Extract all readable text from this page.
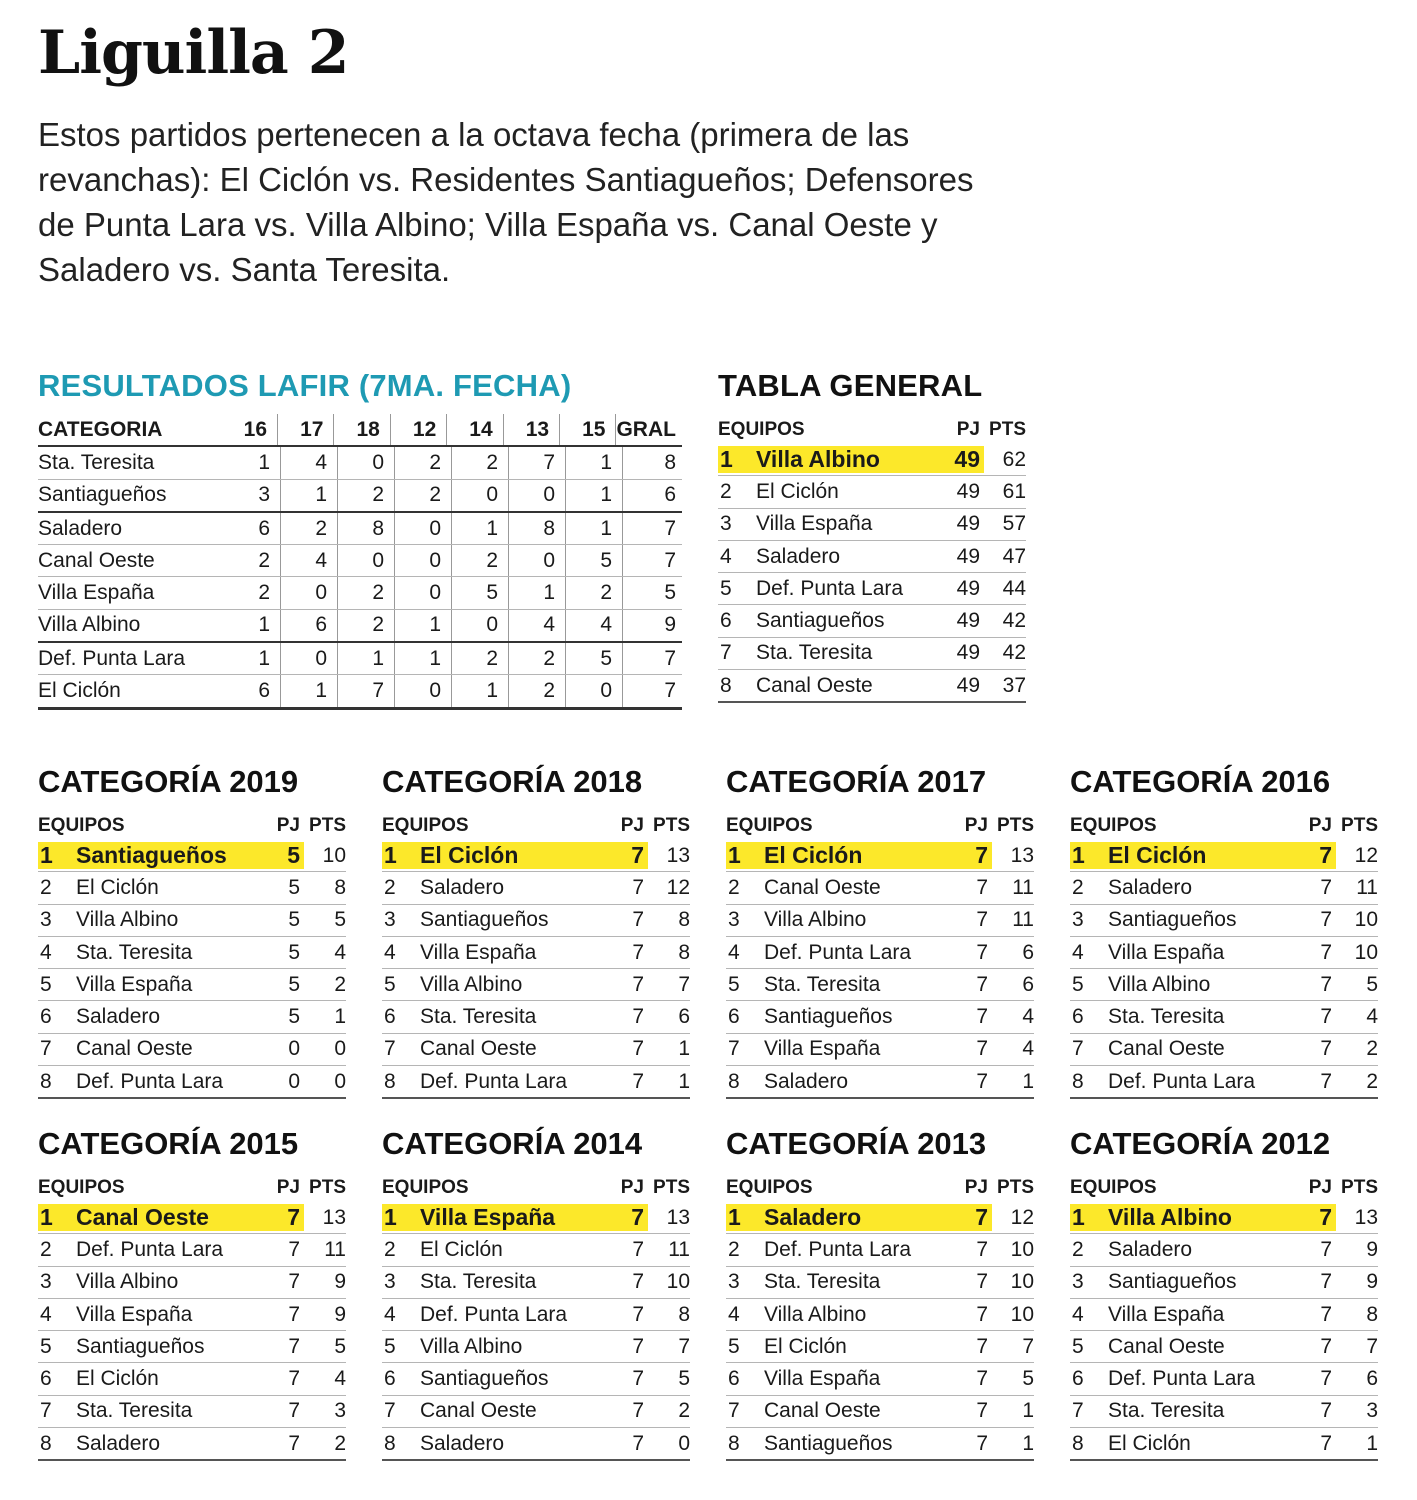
Liguilla 2

Estos partidos pertenecen a la octava fecha (primera de las revanchas): El Ciclón vs. Residentes Santiagueños; Defensores de Punta Lara vs. Villa Albino; Villa España vs. Canal Oeste y Saladero vs. Santa Teresita.

RESULTADOS LAFIR (7MA. FECHA)
CATEGORIA	16	17	18	12	14	13	15 GRAL
Sta. Teresita	1	4	0	2	2	7	1	8
Santiagueños	3	1	2	2	0	0	1	6
Saladero	6	2	8	0	1	8	1	7
Canal Oeste	2	4	0	0	2	0	5	7
Villa España	2	0	2	0	5	1	2	5
Villa Albino	1	6	2	1	0	4	4	9
Def. Punta Lara	1	0	1	1	2	2	5	7
El Ciclón	6	1	7	0	1	2	0	7
TABLA GENERAL
EQUIPOS	PJ PTS
1	Villa Albino	49	62
2	El Ciclón	49	61
3	Villa España	49	57
4	Saladero	49	47
5	Def. Punta Lara	49	44
6	Santiagueños	49	42
7	Sta. Teresita	49	42
8	Canal Oeste	49	37
CATEGORÍA 2019
EQUIPOS	PJ PTS
1	Santiagueños	5	10
2	El Ciclón	5	8
3	Villa Albino	5	5
4	Sta. Teresita	5	4
5	Villa España	5	2
6	Saladero	5	1
7	Canal Oeste	0	0
8	Def. Punta Lara	0	0
CATEGORÍA 2018
EQUIPOS	PJ PTS
1	El Ciclón	7	13
2	Saladero	7	12
3	Santiagueños	7	8
4	Villa España	7	8
5	Villa Albino	7	7
6	Sta. Teresita	7	6
7	Canal Oeste	7	1
8	Def. Punta Lara	7	1
CATEGORÍA 2017
EQUIPOS	PJ PTS
1	El Ciclón	7	13
2	Canal Oeste	7	11
3	Villa Albino	7	11
4	Def. Punta Lara	7	6
5	Sta. Teresita	7	6
6	Santiagueños	7	4
7	Villa España	7	4
8	Saladero	7	1
CATEGORÍA 2016
EQUIPOS	PJ PTS
1	El Ciclón	7	12
2	Saladero	7	11
3	Santiagueños	7	10
4	Villa España	7	10
5	Villa Albino	7	5
6	Sta. Teresita	7	4
7	Canal Oeste	7	2
8	Def. Punta Lara	7	2
CATEGORÍA 2015
EQUIPOS	PJ PTS
1	Canal Oeste	7	13
2	Def. Punta Lara	7	11
3	Villa Albino	7	9
4	Villa España	7	9
5	Santiagueños	7	5
6	El Ciclón	7	4
7	Sta. Teresita	7	3
8	Saladero	7	2
CATEGORÍA 2014
EQUIPOS	PJ PTS
1	Villa España	7	13
2	El Ciclón	7	11
3	Sta. Teresita	7	10
4	Def. Punta Lara	7	8
5	Villa Albino	7	7
6	Santiagueños	7	5
7	Canal Oeste	7	2
8	Saladero	7	0
CATEGORÍA 2013
EQUIPOS	PJ PTS
1	Saladero	7	12
2	Def. Punta Lara	7	10
3	Sta. Teresita	7	10
4	Villa Albino	7	10
5	El Ciclón	7	7
6	Villa España	7	5
7	Canal Oeste	7	1
8	Santiagueños	7	1
CATEGORÍA 2012
EQUIPOS	PJ PTS
1	Villa Albino	7	13
2	Saladero	7	9
3	Santiagueños	7	9
4	Villa España	7	8
5	Canal Oeste	7	7
6	Def. Punta Lara	7	6
7	Sta. Teresita	7	3
8	El Ciclón	7	1
